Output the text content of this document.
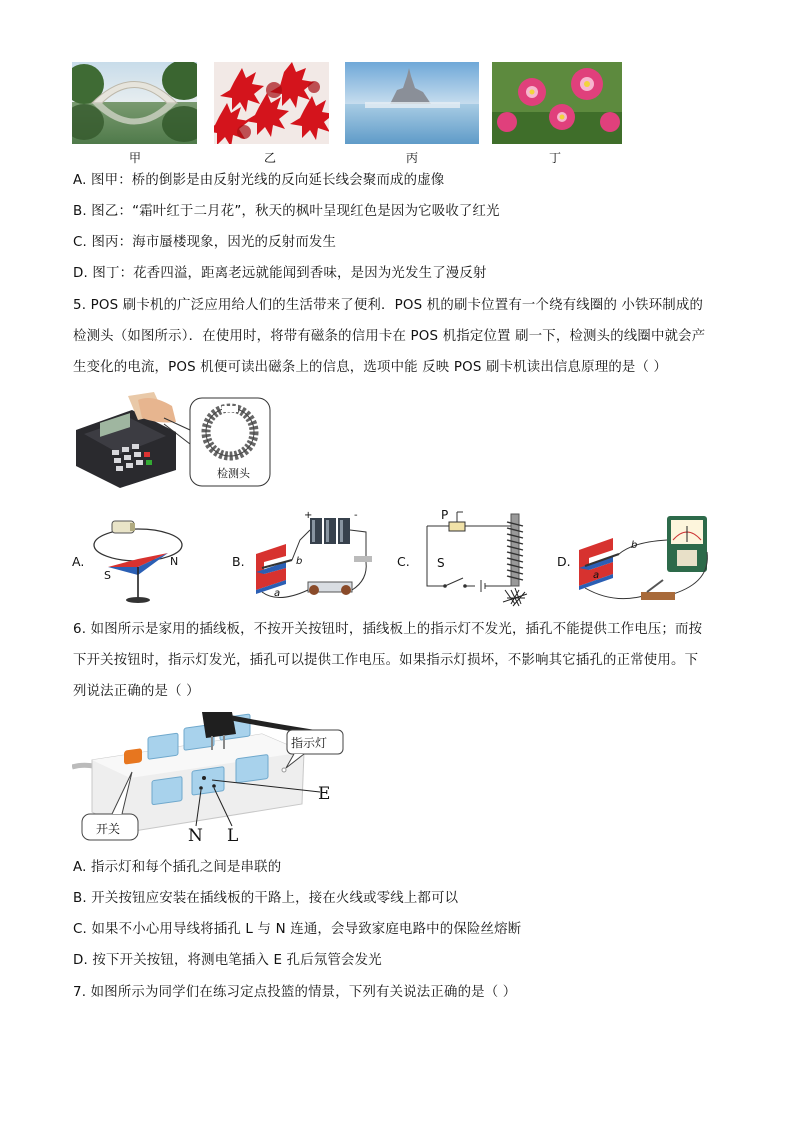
甲	乙	丙	丁
A. 图甲：桥的倒影是由反射光线的反向延长线会聚而成的虚像
B. 图乙：“霜叶红于二月花”，秋天的枫叶呈现红色是因为它吸收了红光
C. 图丙：海市蜃楼现象，因光的反射而发生
D. 图丁：花香四溢，距离老远就能闻到香味，是因为光发生了漫反射
5. POS 刷卡机的广泛应用给人们的生活带来了便利．POS 机的刷卡位置有一个绕有线圈的 小铁环制成的
检测头（如图所示）．在使用时，将带有磁条的信用卡在 POS 机指定位置 刷一下，检测头的线圈中就会产
生变化的电流，POS 机便可读出磁条上的信息，选项中能 反映 POS 刷卡机读出信息原理的是（ ）
检测头
A.
S
N	B.
a
b
+	-
C.
P
S	D.
a
b
6. 如图所示是家用的插线板，不按开关按钮时，插线板上的指示灯不发光，插孔不能提供工作电压；而按
下开关按钮时，指示灯发光，插孔可以提供工作电压。如果指示灯损坏，不影响其它插孔的正常使用。下
列说法正确的是（ ）
指示灯
开关
E
N L
A. 指示灯和每个插孔之间是串联的
B. 开关按钮应安装在插线板的干路上，接在火线或零线上都可以
C. 如果不小心用导线将插孔 L 与 N 连通，会导致家庭电路中的保险丝熔断
D. 按下开关按钮，将测电笔插入 E 孔后氖管会发光
7. 如图所示为同学们在练习定点投篮的情景，下列有关说法正确的是（ ）
